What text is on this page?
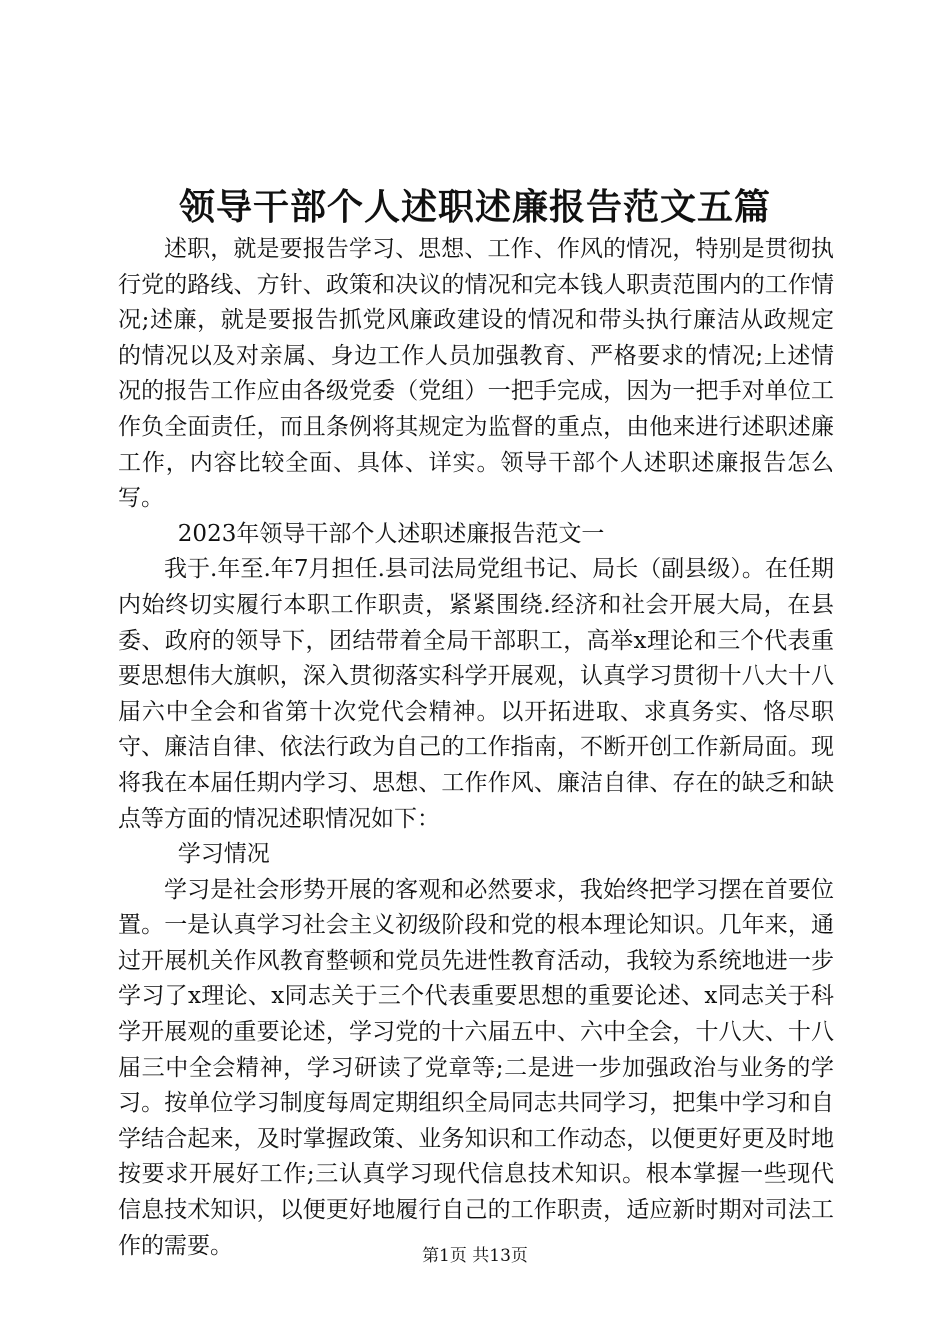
领导干部个人述职述廉报告范文五篇

述职，就是要报告学习、思想、工作、作风的情况，特别是贯彻执行党的路线、方针、政策和决议的情况和完本钱人职责范围内的工作情况;述廉，就是要报告抓党风廉政建设的情况和带头执行廉洁从政规定的情况以及对亲属、身边工作人员加强教育、严格要求的情况;上述情况的报告工作应由各级党委（党组）一把手完成，因为一把手对单位工作负全面责任，而且条例将其规定为监督的重点，由他来进行述职述廉工作，内容比较全面、具体、详实。领导干部个人述职述廉报告怎么写。

2023年领导干部个人述职述廉报告范文一

我于.年至.年7月担任.县司法局党组书记、局长（副县级）。在任期内始终切实履行本职工作职责，紧紧围绕.经济和社会开展大局，在县委、政府的领导下，团结带着全局干部职工，高举x理论和三个代表重要思想伟大旗帜，深入贯彻落实科学开展观，认真学习贯彻十八大十八届六中全会和省第十次党代会精神。以开拓进取、求真务实、恪尽职守、廉洁自律、依法行政为自己的工作指南，不断开创工作新局面。现将我在本届任期内学习、思想、工作作风、廉洁自律、存在的缺乏和缺点等方面的情况述职情况如下：

学习情况

学习是社会形势开展的客观和必然要求，我始终把学习摆在首要位置。一是认真学习社会主义初级阶段和党的根本理论知识。几年来，通过开展机关作风教育整顿和党员先进性教育活动，我较为系统地进一步学习了x理论、x同志关于三个代表重要思想的重要论述、x同志关于科学开展观的重要论述，学习党的十六届五中、六中全会，十八大、十八届三中全会精神，学习研读了党章等;二是进一步加强政治与业务的学习。按单位学习制度每周定期组织全局同志共同学习，把集中学习和自学结合起来，及时掌握政策、业务知识和工作动态，以便更好更及时地按要求开展好工作;三认真学习现代信息技术知识。根本掌握一些现代信息技术知识，以便更好地履行自己的工作职责，适应新时期对司法工作的需要。	第1页 共13页
